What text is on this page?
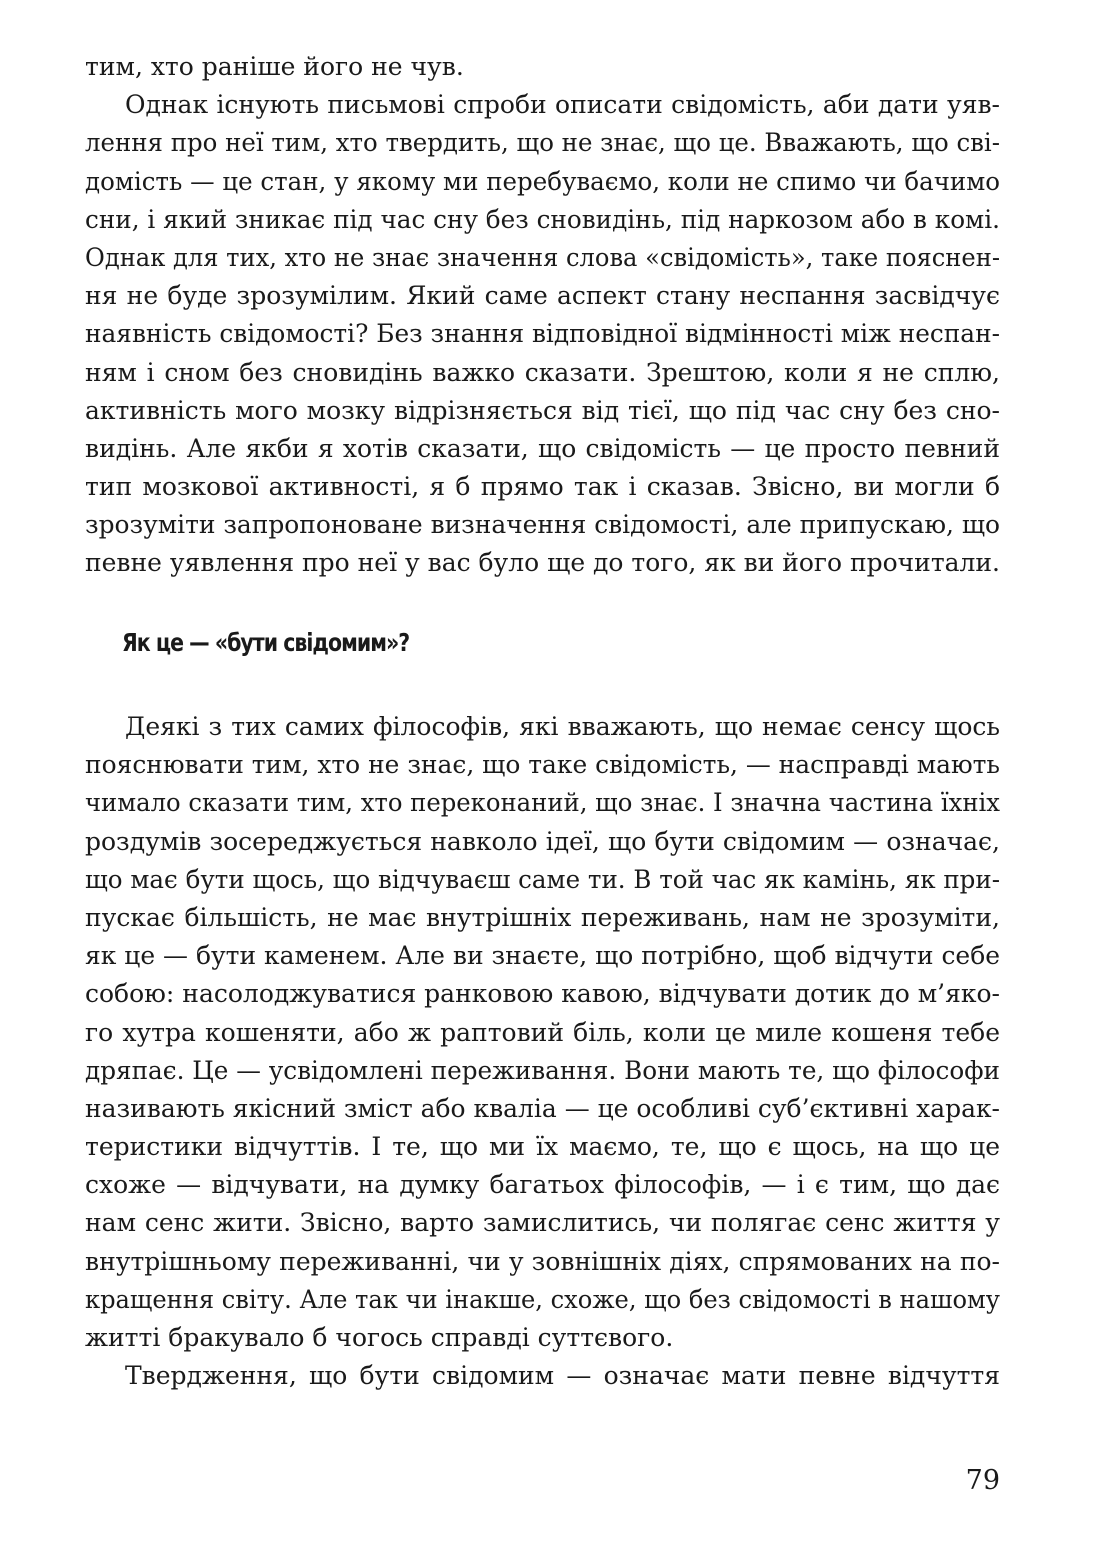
тим, хто раніше його не чув.
Однак існують письмові спроби описати свідомість, аби дати уяв-
лення про неї тим, хто твердить, що не знає, що це. Вважають, що сві-
домість — це стан, у якому ми перебуваємо, коли не спимо чи бачимо
сни, і який зникає під час сну без сновидінь, під наркозом або в комі.
Однак для тих, хто не знає значення слова «свідомість», таке пояснен-
ня не буде зрозумілим. Який саме аспект стану неспання засвідчує
наявність свідомості? Без знання відповідної відмінності між неспан-
ням і сном без сновидінь важко сказати. Зрештою, коли я не сплю,
активність мого мозку відрізняється від тієї, що під час сну без сно-
видінь. Але якби я хотів сказати, що свідомість — це просто певний
тип мозкової активності, я б прямо так і сказав. Звісно, ви могли б
зрозуміти запропоноване визначення свідомості, але припускаю, що
певне уявлення про неї у вас було ще до того, як ви його прочитали.
Як це — «бути свідомим»?
Деякі з тих самих філософів, які вважають, що немає сенсу щось
пояснювати тим, хто не знає, що таке свідомість, — насправді мають
чимало сказати тим, хто переконаний, що знає. І значна частина їхніх
роздумів зосереджується навколо ідеї, що бути свідомим — означає,
що має бути щось, що відчуваєш саме ти. В той час як камінь, як при-
пускає більшість, не має внутрішніх переживань, нам не зрозуміти,
як це — бути каменем. Але ви знаєте, що потрібно, щоб відчути себе
собою: насолоджуватися ранковою кавою, відчувати дотик до м’яко-
го хутра кошеняти, або ж раптовий біль, коли це миле кошеня тебе
дряпає. Це — усвідомлені переживання. Вони мають те, що філософи
називають якісний зміст або кваліа — це особливі суб’єктивні харак-
теристики відчуттів. І те, що ми їх маємо, те, що є щось, на що це
схоже — відчувати, на думку багатьох філософів, — і є тим, що дає
нам сенс жити. Звісно, варто замислитись, чи полягає сенс життя у
внутрішньому переживанні, чи у зовнішніх діях, спрямованих на по-
кращення світу. Але так чи інакше, схоже, що без свідомості в нашому
житті бракувало б чогось справді суттєвого.
Твердження, що бути свідомим — означає мати певне відчуття
79
